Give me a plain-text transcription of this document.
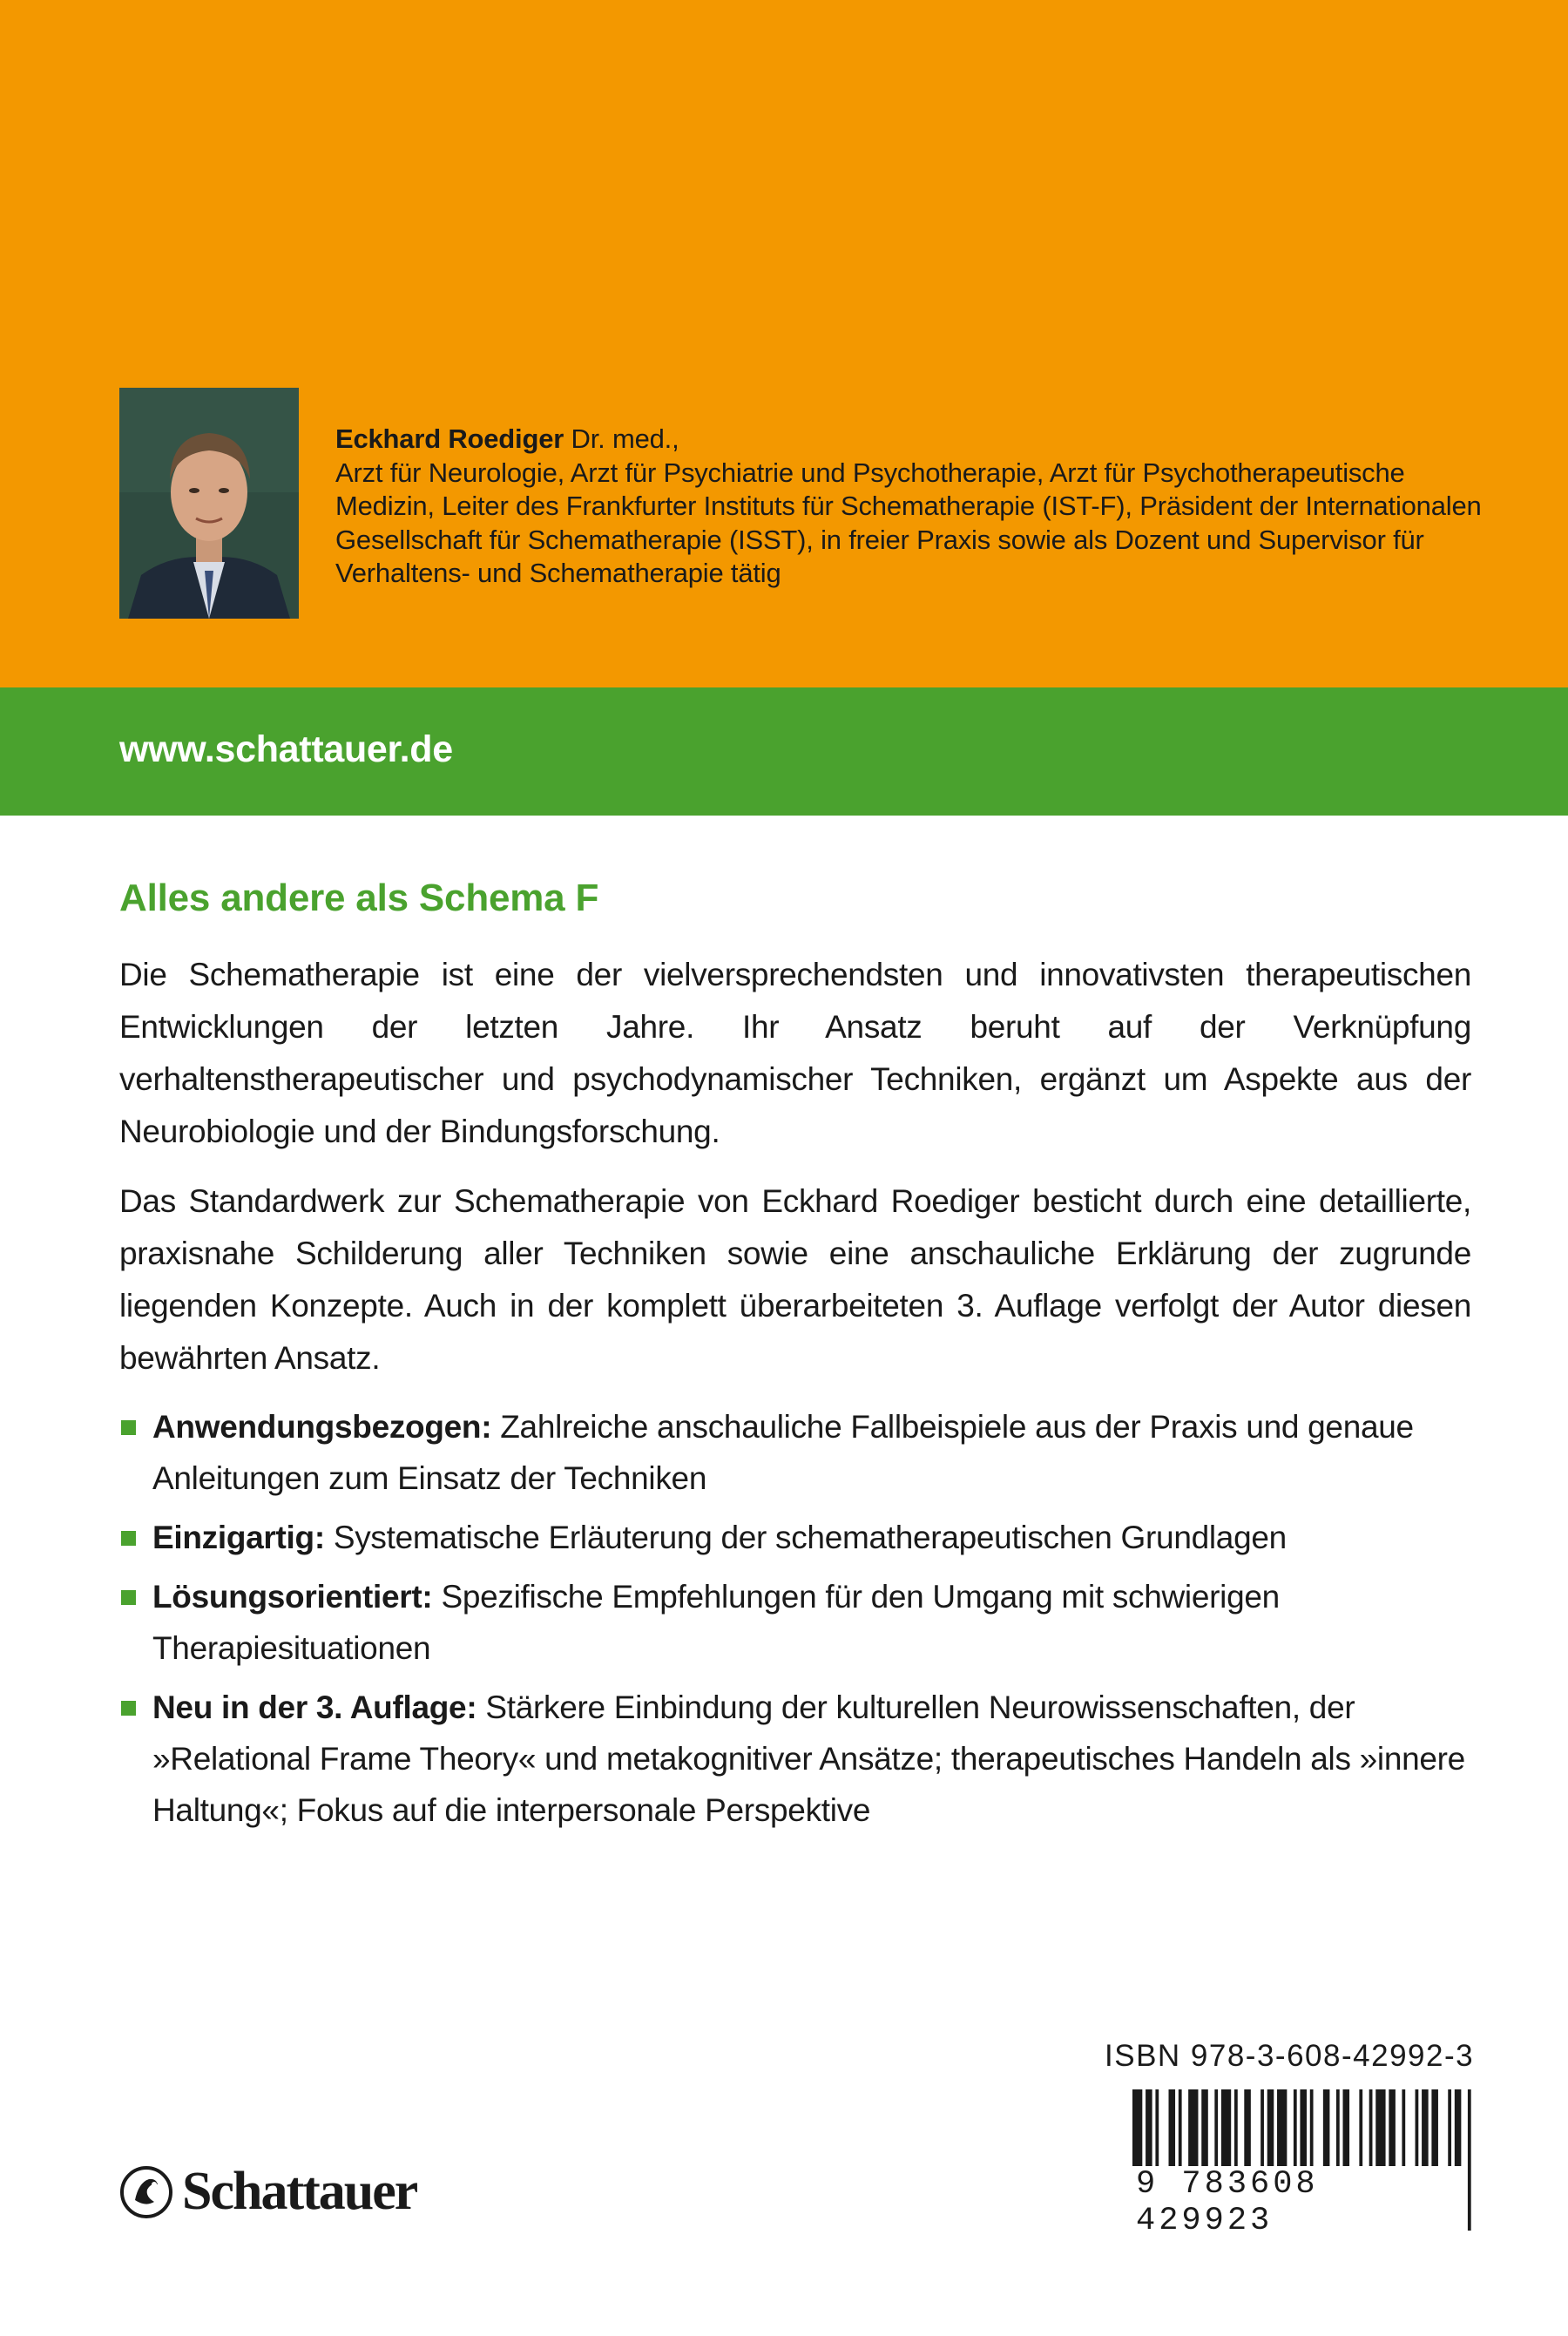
Eckhard Roediger Dr. med.,
Arzt für Neurologie, Arzt für Psychiatrie und Psychotherapie, Arzt für Psychotherapeutische
Medizin, Leiter des Frankfurter Instituts für Schematherapie (IST-F), Präsident der Internationalen
Gesellschaft für Schematherapie (ISST), in freier Praxis sowie als Dozent und Supervisor für
Verhaltens- und Schematherapie tätig
www.schattauer.de
Alles andere als Schema F

Die Schematherapie ist eine der vielversprechendsten und innovativsten therapeutischen Entwicklungen der letzten Jahre. Ihr Ansatz beruht auf der Verknüpfung verhaltenstherapeutischer und psychodynamischer Techniken, ergänzt um Aspekte aus der Neurobiologie und der Bindungsforschung.

Das Standardwerk zur Schematherapie von Eckhard Roediger besticht durch eine detaillierte, praxisnahe Schilderung aller Techniken sowie eine anschauliche Erklärung der zugrunde liegenden Konzepte. Auch in der komplett überarbeiteten 3. Auflage verfolgt der Autor diesen bewährten Ansatz.

Anwendungsbezogen: Zahlreiche anschauliche Fallbeispiele aus der Praxis und genaue Anleitungen zum Einsatz der Techniken
Einzigartig: Systematische Erläuterung der schematherapeutischen Grundlagen
Lösungsorientiert: Spezifische Empfehlungen für den Umgang mit schwierigen Therapiesituationen
Neu in der 3. Auflage: Stärkere Einbindung der kulturellen Neurowissenschaften, der »Relational Frame Theory« und metakognitiver Ansätze; therapeutisches Handeln als »innere Haltung«; Fokus auf die interpersonale Perspektive
ISBN 978-3-608-42992-3
9 783608 429923
Schattauer
